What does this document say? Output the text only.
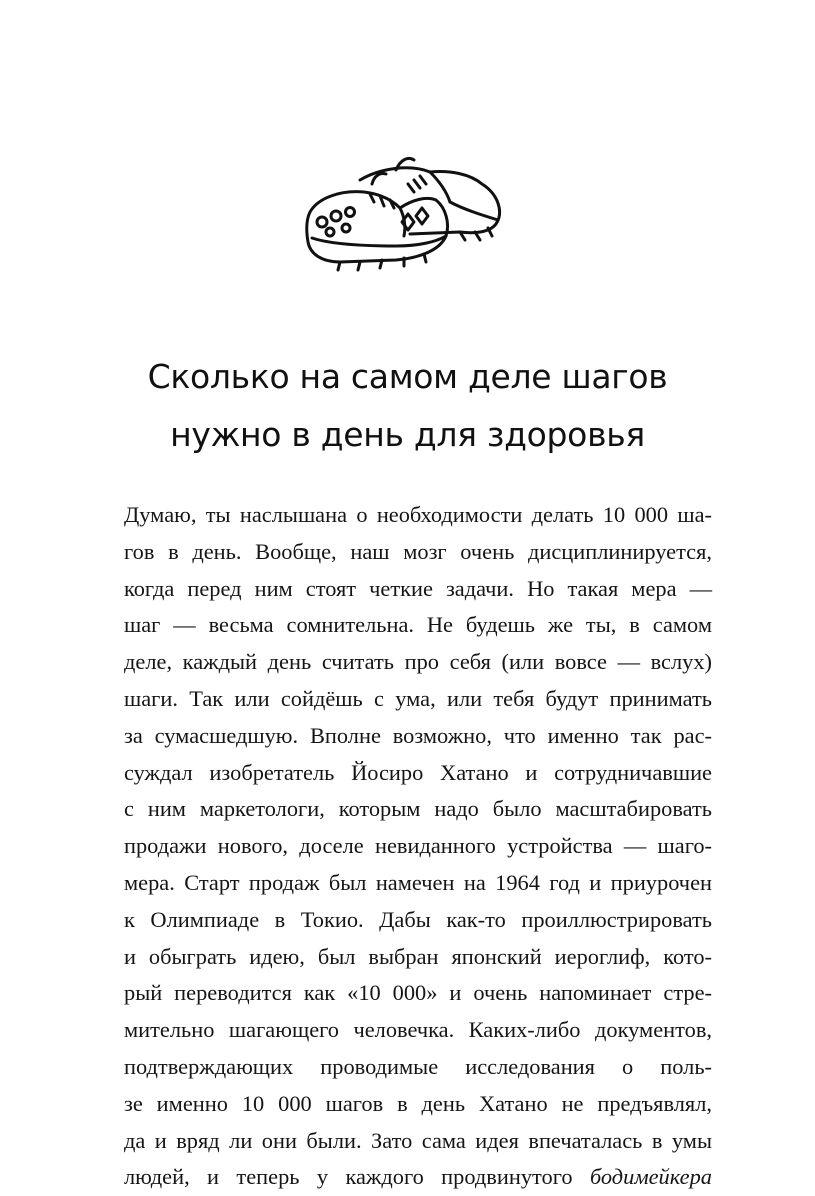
Сколько на самом деле шагов
нужно в день для здоровья
Думаю, ты наслышана о необходимости делать 10 000 ша-
гов в день. Вообще, наш мозг очень дисциплинируется,
когда перед ним стоят четкие задачи. Но такая мера —
шаг — весьма сомнительна. Не будешь же ты, в самом
деле, каждый день считать про себя (или вовсе — вслух)
шаги. Так или сойдёшь с ума, или тебя будут принимать
за сумасшедшую. Вполне возможно, что именно так рас-
суждал изобретатель Йосиро Хатано и сотрудничавшие
с ним маркетологи, которым надо было масштабировать
продажи нового, доселе невиданного устройства — шаго-
мера. Старт продаж был намечен на 1964 год и приурочен
к Олимпиаде в Токио. Дабы как-то проиллюстрировать
и обыграть идею, был выбран японский иероглиф, кото-
рый переводится как «10 000» и очень напоминает стре-
мительно шагающего человечка. Каких-либо документов,
подтверждающих проводимые исследования о поль-
зе именно 10 000 шагов в день Хатано не предъявлял,
да и вряд ли они были. Зато сама идея впечаталась в умы
людей, и теперь у каждого продвинутого бодимейкера
